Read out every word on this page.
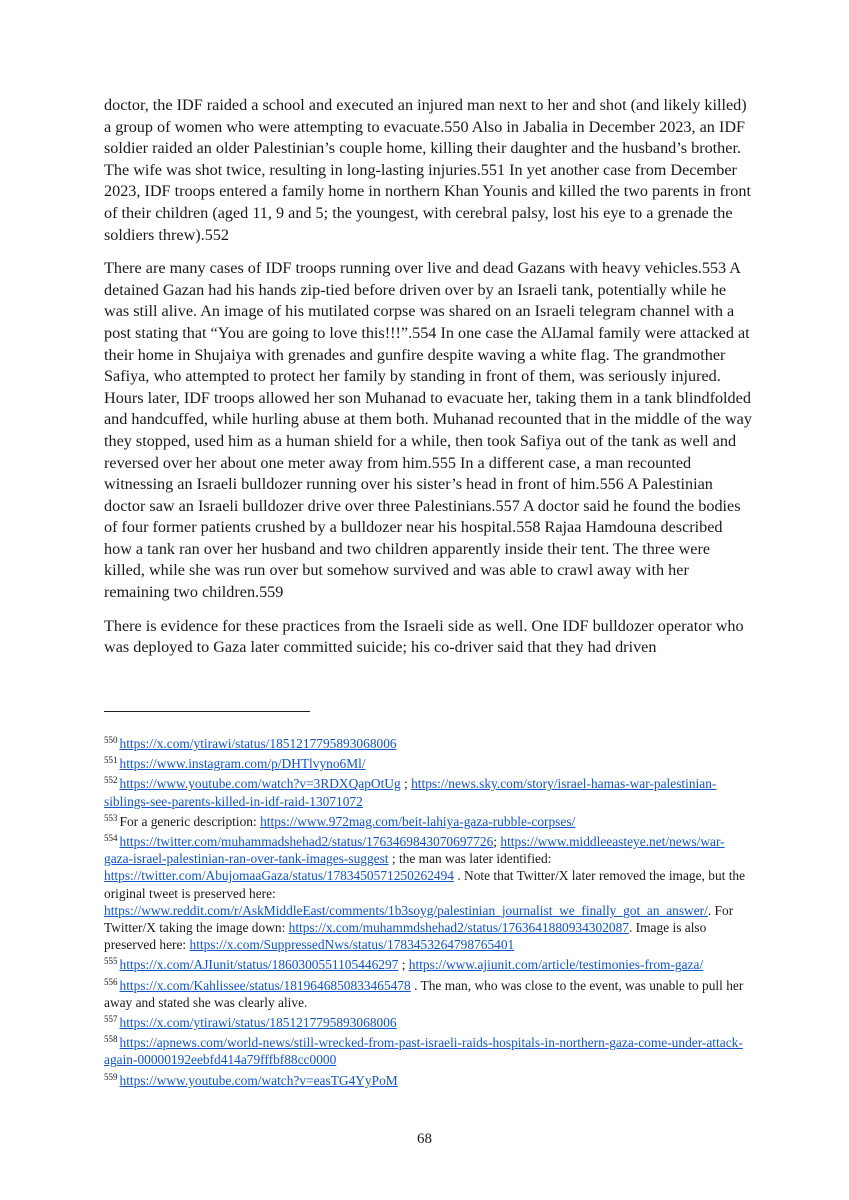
doctor, the IDF raided a school and executed an injured man next to her and shot (and likely killed) a group of women who were attempting to evacuate.550 Also in Jabalia in December 2023, an IDF soldier raided an older Palestinian’s couple home, killing their daughter and the husband’s brother. The wife was shot twice, resulting in long-lasting injuries.551 In yet another case from December 2023, IDF troops entered a family home in northern Khan Younis and killed the two parents in front of their children (aged 11, 9 and 5; the youngest, with cerebral palsy, lost his eye to a grenade the soldiers threw).552

There are many cases of IDF troops running over live and dead Gazans with heavy vehicles.553 A detained Gazan had his hands zip-tied before driven over by an Israeli tank, potentially while he was still alive. An image of his mutilated corpse was shared on an Israeli telegram channel with a post stating that “You are going to love this!!!”.554 In one case the AlJamal family were attacked at their home in Shujaiya with grenades and gunfire despite waving a white flag. The grandmother Safiya, who attempted to protect her family by standing in front of them, was seriously injured. Hours later, IDF troops allowed her son Muhanad to evacuate her, taking them in a tank blindfolded and handcuffed, while hurling abuse at them both. Muhanad recounted that in the middle of the way they stopped, used him as a human shield for a while, then took Safiya out of the tank as well and reversed over her about one meter away from him.555 In a different case, a man recounted witnessing an Israeli bulldozer running over his sister’s head in front of him.556 A Palestinian doctor saw an Israeli bulldozer drive over three Palestinians.557 A doctor said he found the bodies of four former patients crushed by a bulldozer near his hospital.558 Rajaa Hamdouna described how a tank ran over her husband and two children apparently inside their tent. The three were killed, while she was run over but somehow survived and was able to crawl away with her remaining two children.559

There is evidence for these practices from the Israeli side as well. One IDF bulldozer operator who was deployed to Gaza later committed suicide; his co-driver said that they had driven

$^{550}$ https://x.com/ytirawi/status/1851217795893068006

$^{551}$ https://www.instagram.com/p/DHTlvyno6Ml/

$^{552}$ https://www.youtube.com/watch?v=3RDXQapOtUg ; https://news.sky.com/story/israel-hamas-war-palestinian-siblings-see-parents-killed-in-idf-raid-13071072

$^{553}$ For a generic description: https://www.972mag.com/beit-lahiya-gaza-rubble-corpses/

$^{554}$ https://twitter.com/muhammadshehad2/status/1763469843070697726; https://www.middleeasteye.net/news/war-gaza-israel-palestinian-ran-over-tank-images-suggest ; the man was later identified: https://twitter.com/AbujomaaGaza/status/1783450571250262494 . Note that Twitter/X later removed the image, but the original tweet is preserved here: https://www.reddit.com/r/AskMiddleEast/comments/1b3soyg/palestinian_journalist_we_finally_got_an_answer/. For Twitter/X taking the image down: https://x.com/muhammdshehad2/status/1763641880934302087. Image is also preserved here: https://x.com/SuppressedNws/status/1783453264798765401

$^{555}$ https://x.com/AJIunit/status/1860300551105446297 ; https://www.ajiunit.com/article/testimonies-from-gaza/

$^{556}$ https://x.com/Kahlissee/status/1819646850833465478 . The man, who was close to the event, was unable to pull her away and stated she was clearly alive.

$^{557}$ https://x.com/ytirawi/status/1851217795893068006

$^{558}$ https://apnews.com/world-news/still-wrecked-from-past-israeli-raids-hospitals-in-northern-gaza-come-under-attack-again-00000192eebfd414a79fffbf88cc0000

$^{559}$ https://www.youtube.com/watch?v=easTG4YyPoM

68
